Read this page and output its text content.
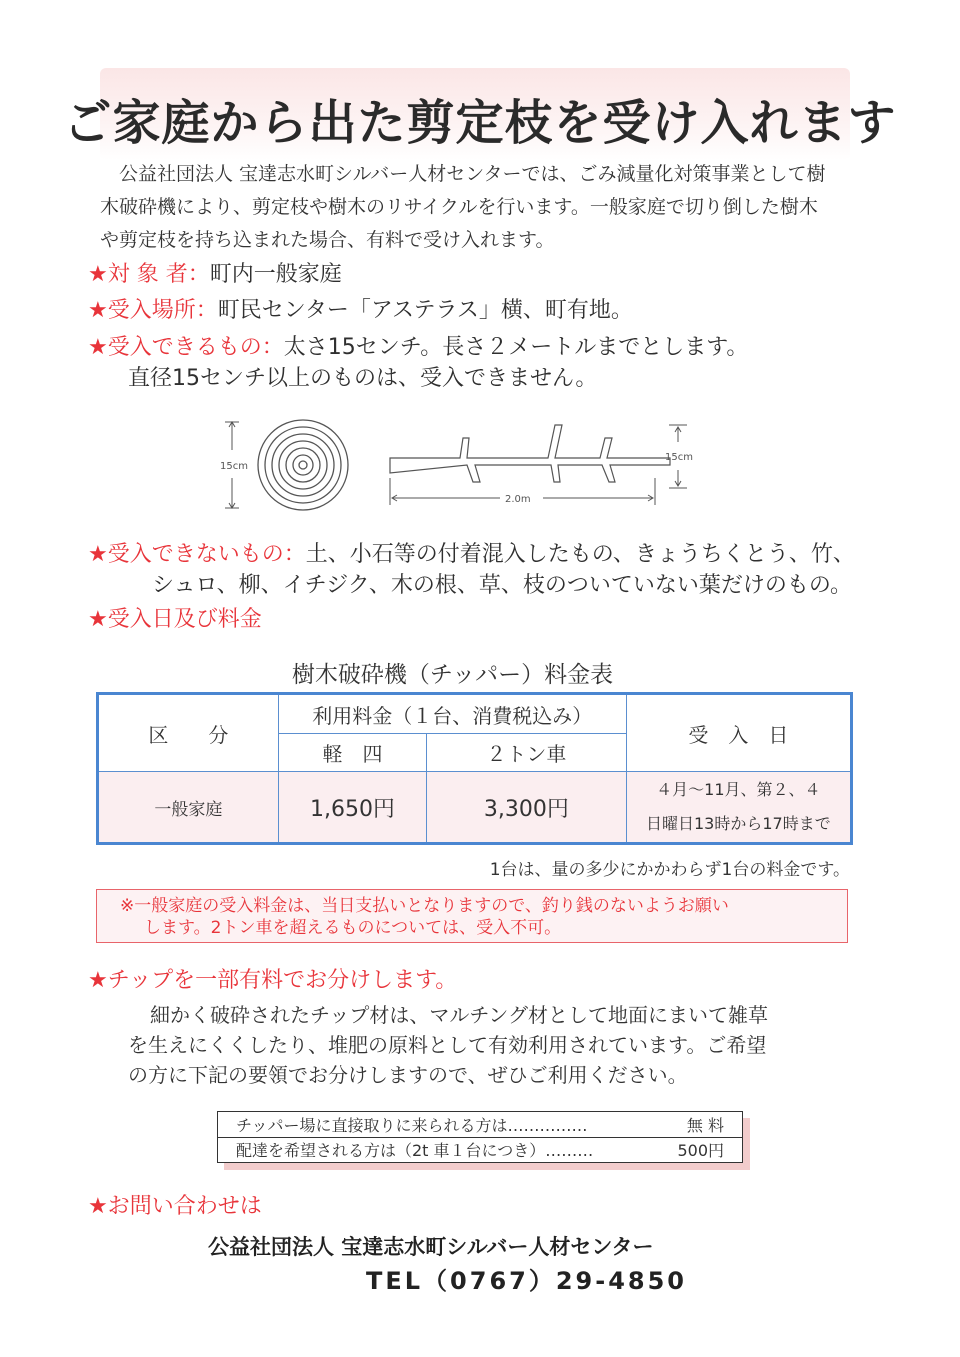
ご家庭から出た剪定枝を受け入れます

公益社団法人 宝達志水町シルバー人材センターでは、ごみ減量化対策事業として樹

木破砕機により、剪定枝や樹木のリサイクルを行います。一般家庭で切り倒した樹木

や剪定枝を持ち込まれた場合、有料で受け入れます。

★対 象 者：町内一般家庭
★受入場所：町民センター「アステラス」横、町有地。
★受入できるもの：太さ15センチ。長さ２メートルまでとします。
直径15センチ以上のものは、受入できません。
15cm
2.0m
15cm
★受入できないもの：土、小石等の付着混入したもの、きょうちくとう、竹、
シュロ、柳、イチジク、木の根、草、枝のついていない葉だけのもの。
★受入日及び料金
樹木破砕機（チッパー）料金表
区　　分	利用料金（１台、消費税込み）		受　入　日
	軽　四	２トン車	
一般家庭	1,650円	3,300円	４月～11月、第２、４
日曜日13時から17時まで
1台は、量の多少にかかわらず1台の料金です。
※一般家庭の受入料金は、当日支払いとなりますので、釣り銭のないようお願い
します。2トン車を超えるものについては、受入不可。
★チップを一部有料でお分けします。

細かく破砕されたチップ材は、マルチング材として地面にまいて雑草

を生えにくくしたり、堆肥の原料として有効利用されています。ご希望

の方に下記の要領でお分けしますので、ぜひご利用ください。

チッパー場に直接取りに来られる方は……………	無 料

配達を希望される方は（2t 車１台につき）………	500円
★お問い合わせは
公益社団法人 宝達志水町シルバー人材センター
TEL（0767）29-4850
